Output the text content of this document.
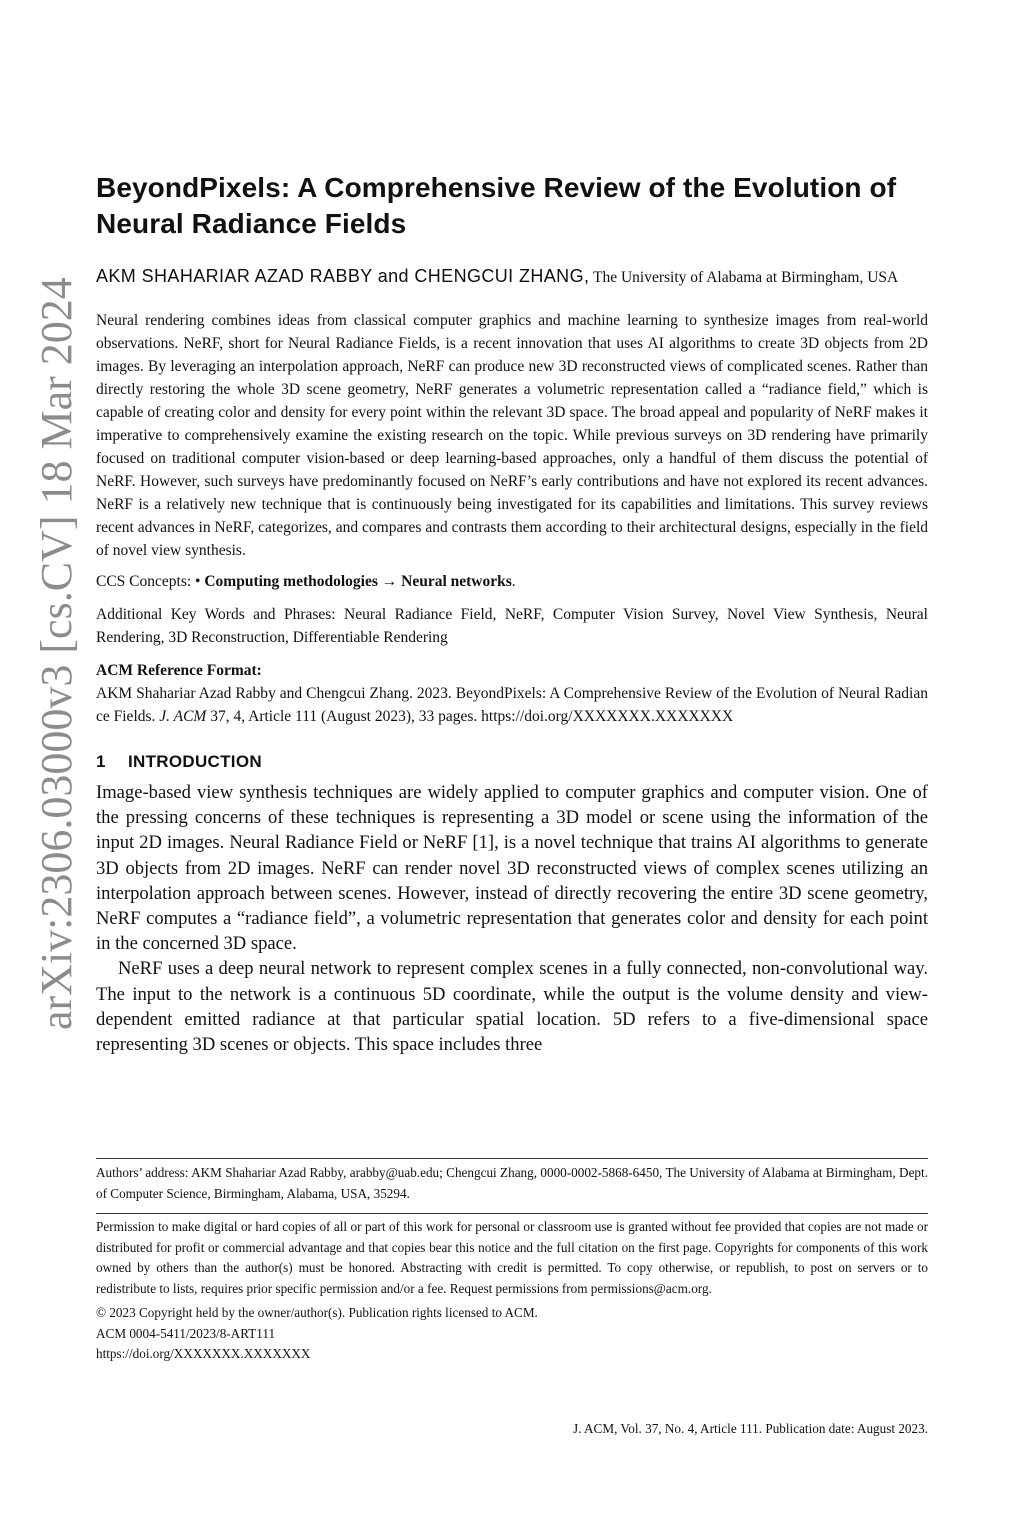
arXiv:2306.03000v3 [cs.CV] 18 Mar 2024
BeyondPixels: A Comprehensive Review of the Evolution of Neural Radiance Fields
AKM SHAHARIAR AZAD RABBY and CHENGCUI ZHANG, The University of Alabama at Birmingham, USA
Neural rendering combines ideas from classical computer graphics and machine learning to synthesize images from real-world observations. NeRF, short for Neural Radiance Fields, is a recent innovation that uses AI algorithms to create 3D objects from 2D images. By leveraging an interpolation approach, NeRF can produce new 3D reconstructed views of complicated scenes. Rather than directly restoring the whole 3D scene geometry, NeRF generates a volumetric representation called a “radiance field,” which is capable of creating color and density for every point within the relevant 3D space. The broad appeal and popularity of NeRF makes it imperative to comprehensively examine the existing research on the topic. While previous surveys on 3D rendering have primarily focused on traditional computer vision-based or deep learning-based approaches, only a handful of them discuss the potential of NeRF. However, such surveys have predominantly focused on NeRF’s early contributions and have not explored its recent advances. NeRF is a relatively new technique that is continuously being investigated for its capabilities and limitations. This survey reviews recent advances in NeRF, categorizes, and compares and contrasts them according to their architectural designs, especially in the field of novel view synthesis.
CCS Concepts: • Computing methodologies → Neural networks.
Additional Key Words and Phrases: Neural Radiance Field, NeRF, Computer Vision Survey, Novel View Synthesis, Neural Rendering, 3D Reconstruction, Differentiable Rendering
ACM Reference Format:
AKM Shahariar Azad Rabby and Chengcui Zhang. 2023. BeyondPixels: A Comprehensive Review of the Evolution of Neural Radiance Fields. J. ACM 37, 4, Article 111 (August 2023), 33 pages. https://doi.org/XXXXXXX.XXXXXXX
1 INTRODUCTION

Image-based view synthesis techniques are widely applied to computer graphics and computer vision. One of the pressing concerns of these techniques is representing a 3D model or scene using the information of the input 2D images. Neural Radiance Field or NeRF [1], is a novel technique that trains AI algorithms to generate 3D objects from 2D images. NeRF can render novel 3D reconstructed views of complex scenes utilizing an interpolation approach between scenes. However, instead of directly recovering the entire 3D scene geometry, NeRF computes a “radiance field”, a volumetric representation that generates color and density for each point in the concerned 3D space.

NeRF uses a deep neural network to represent complex scenes in a fully connected, non-convolutional way. The input to the network is a continuous 5D coordinate, while the output is the volume density and view-dependent emitted radiance at that particular spatial location. 5D refers to a five-dimensional space representing 3D scenes or objects. This space includes three

Authors’ address: AKM Shahariar Azad Rabby, arabby@uab.edu; Chengcui Zhang, 0000-0002-5868-6450, The University of Alabama at Birmingham, Dept. of Computer Science, Birmingham, Alabama, USA, 35294.
Permission to make digital or hard copies of all or part of this work for personal or classroom use is granted without fee provided that copies are not made or distributed for profit or commercial advantage and that copies bear this notice and the full citation on the first page. Copyrights for components of this work owned by others than the author(s) must be honored. Abstracting with credit is permitted. To copy otherwise, or republish, to post on servers or to redistribute to lists, requires prior specific permission and/or a fee. Request permissions from permissions@acm.org.
© 2023 Copyright held by the owner/author(s). Publication rights licensed to ACM.
ACM 0004-5411/2023/8-ART111
https://doi.org/XXXXXXX.XXXXXXX
J. ACM, Vol. 37, No. 4, Article 111. Publication date: August 2023.
